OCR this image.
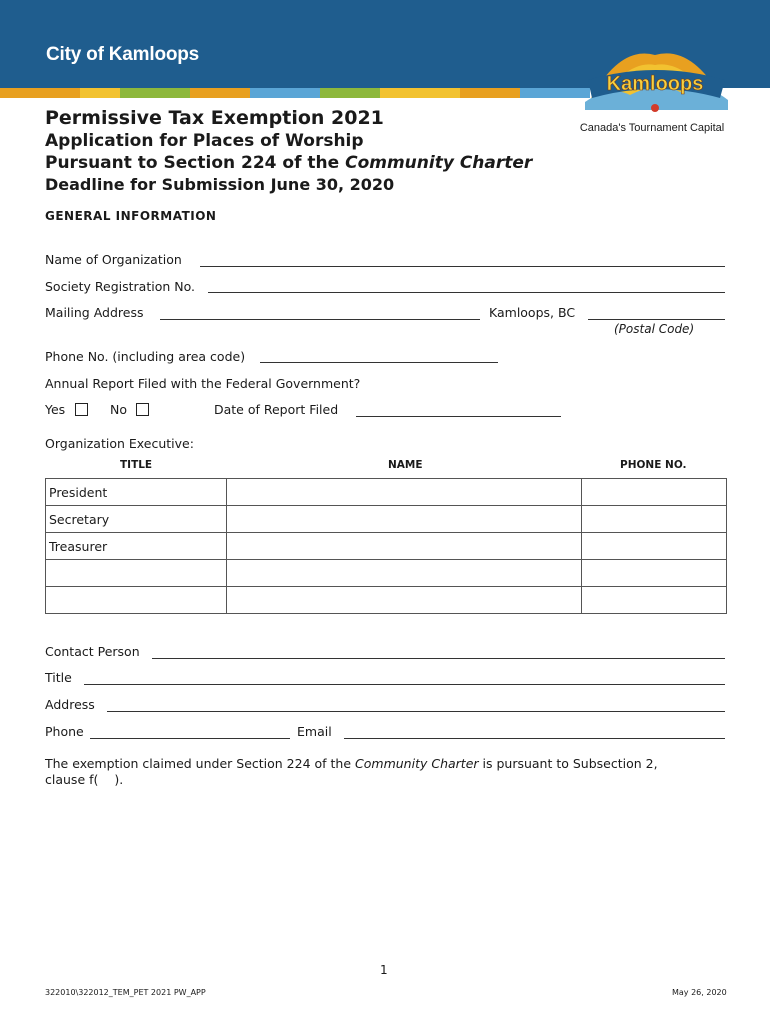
City of Kamloops
Kamloops
Canada's Tournament Capital
Permissive Tax Exemption 2021
Application for Places of Worship
Pursuant to Section 224 of the Community Charter
Deadline for Submission June 30, 2020
GENERAL INFORMATION
Name of Organization
Society Registration No.
Mailing Address	Kamloops, BC
(Postal Code)
Phone No. (including area code)
Annual Report Filed with the Federal Government?
Yes	No	Date of Report Filed
Organization Executive:
TITLE	NAME	PHONE NO.
President		
Secretary		
Treasurer		

Contact Person
Title
Address
Phone	Email
The exemption claimed under Section 224 of the Community Charter is pursuant to Subsection 2,
clause f( ).
1
322010\322012_TEM_PET 2021 PW_APP	May 26, 2020
